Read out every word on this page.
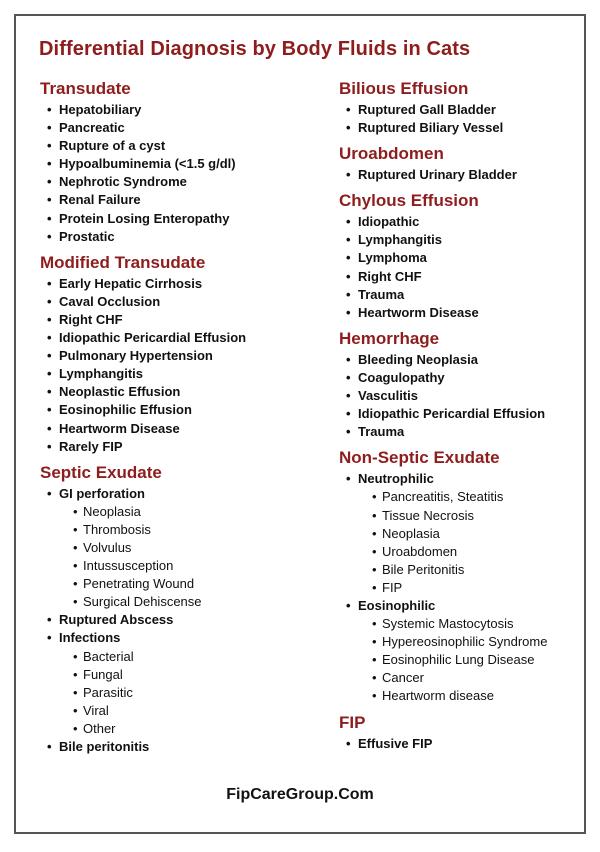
Differential Diagnosis by Body Fluids in Cats
Transudate
• Hepatobiliary
• Pancreatic
• Rupture of a cyst
• Hypoalbuminemia (<1.5 g/dl)
• Nephrotic Syndrome
• Renal Failure
• Protein Losing Enteropathy
• Prostatic
Modified Transudate
• Early Hepatic Cirrhosis
• Caval Occlusion
• Right CHF
• Idiopathic Pericardial Effusion
• Pulmonary Hypertension
• Lymphangitis
• Neoplastic Effusion
• Eosinophilic Effusion
• Heartworm Disease
• Rarely FIP
Septic Exudate
• GI perforation
• Neoplasia
• Thrombosis
• Volvulus
• Intussusception
• Penetrating Wound
• Surgical Dehiscense
• Ruptured Abscess
• Infections
• Bacterial
• Fungal
• Parasitic
• Viral
• Other
• Bile peritonitis
Bilious Effusion
• Ruptured Gall Bladder
• Ruptured Biliary Vessel
Uroabdomen
• Ruptured Urinary Bladder
Chylous Effusion
• Idiopathic
• Lymphangitis
• Lymphoma
• Right CHF
• Trauma
• Heartworm Disease
Hemorrhage
• Bleeding Neoplasia
• Coagulopathy
• Vasculitis
• Idiopathic Pericardial Effusion
• Trauma
Non-Septic Exudate
• Neutrophilic
• Pancreatitis, Steatitis
• Tissue Necrosis
• Neoplasia
• Uroabdomen
• Bile Peritonitis
• FIP
• Eosinophilic
• Systemic Mastocytosis
• Hypereosinophilic Syndrome
• Eosinophilic Lung Disease
• Cancer
• Heartworm disease
FIP
• Effusive FIP
FipCareGroup.Com
